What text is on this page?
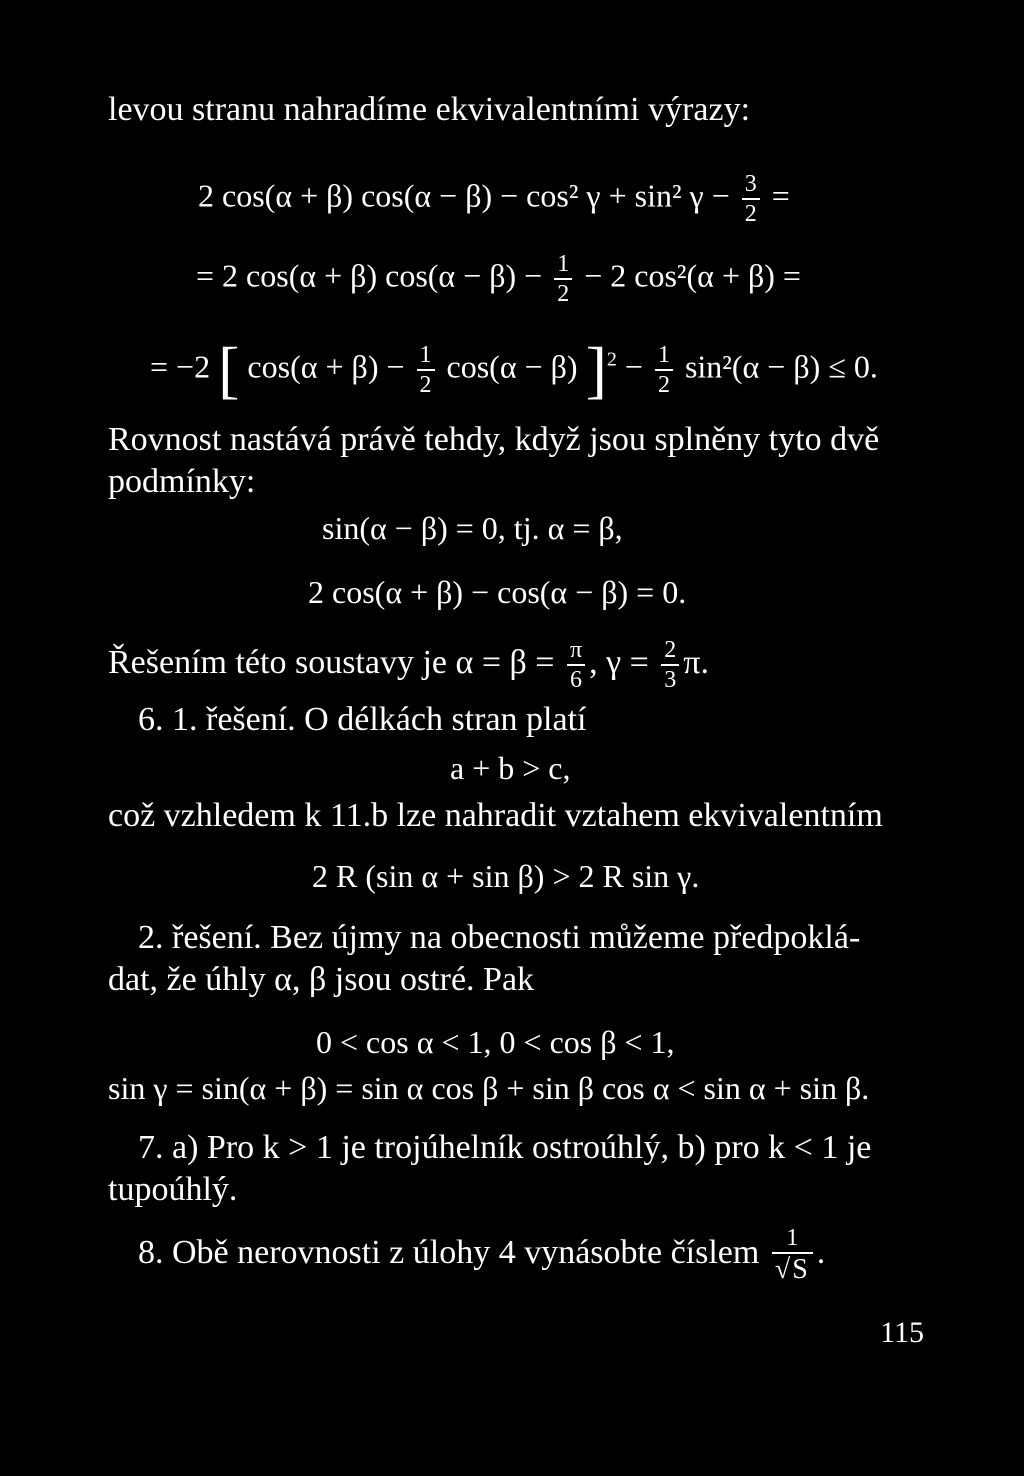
levou stranu nahradíme ekvivalentními výrazy:
2 cos(α + β) cos(α − β) − cos² γ + sin² $\gamma - \frac{3}{2}$ =
= 2 cos(α + β) $\cos(\alpha - \beta) - \frac{1}{2} - 2$ cos²(α + β) =
= −2 [ $\cos(\alpha + \beta) - \frac{1}{2} \cos(\alpha - \beta) ]^2 - \frac{1}{2} \sin^2(\alpha - \beta) \le 0$.
Rovnost nastává právě tehdy, když jsou splněny tyto dvě
podmínky:
sin(α − β) = 0, tj. α = β,
2 cos(α + β) − cos(α − β) = 0.
Řešením této soustavy je $\alpha = \beta = \frac{\pi}{6}$ , $\gamma = \frac{2}{3} \pi$.
6. 1. řešení. O délkách stran platí
a + b > c,
což vzhledem k 11.b lze nahradit vztahem ekvivalentním
2 R (sin α + sin β) > 2 R sin γ.
2. řešení. Bez újmy na obecnosti můžeme předpoklá-
dat, že úhly α, β jsou ostré. Pak
0 < cos α < 1, 0 < cos β < 1,
sin γ = sin(α + β) = sin α cos β + sin β cos α < sin α + sin β.
7. a) Pro k > 1 je trojúhelník ostroúhlý, b) pro k < 1 je
tupoúhlý.
8. Obě nerovnosti z úlohy 4 vynásobte číslem $\frac{1}{√S}$ .
115
